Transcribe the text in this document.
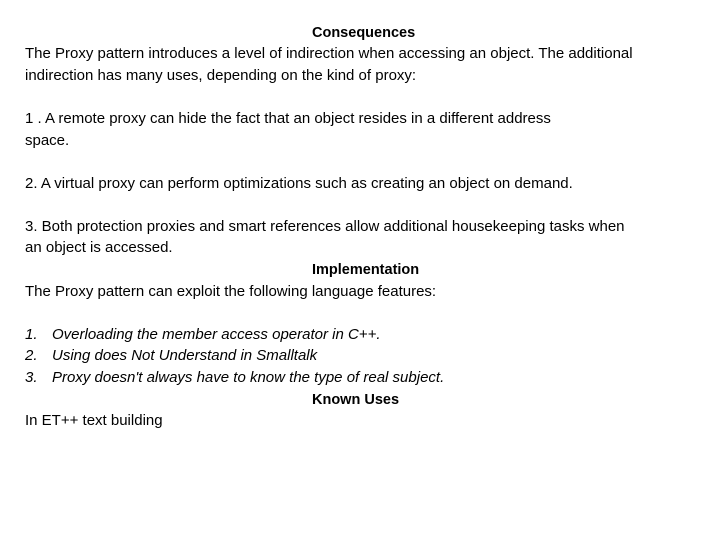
Consequences
The Proxy pattern introduces a level of indirection when accessing an object. The additional
indirection has many uses, depending on the kind of proxy:
1 . A remote proxy can hide the fact that an object resides in a different address
space.
2. A virtual proxy can perform optimizations such as creating an object on demand.
3. Both protection proxies and smart references allow additional housekeeping tasks when
an object is accessed.
Implementation
The Proxy pattern can exploit the following language features:
1. Overloading the member access operator in C++.
2. Using does Not Understand in Smalltalk
3. Proxy doesn't always have to know the type of real subject.
Known Uses
In ET++ text building
